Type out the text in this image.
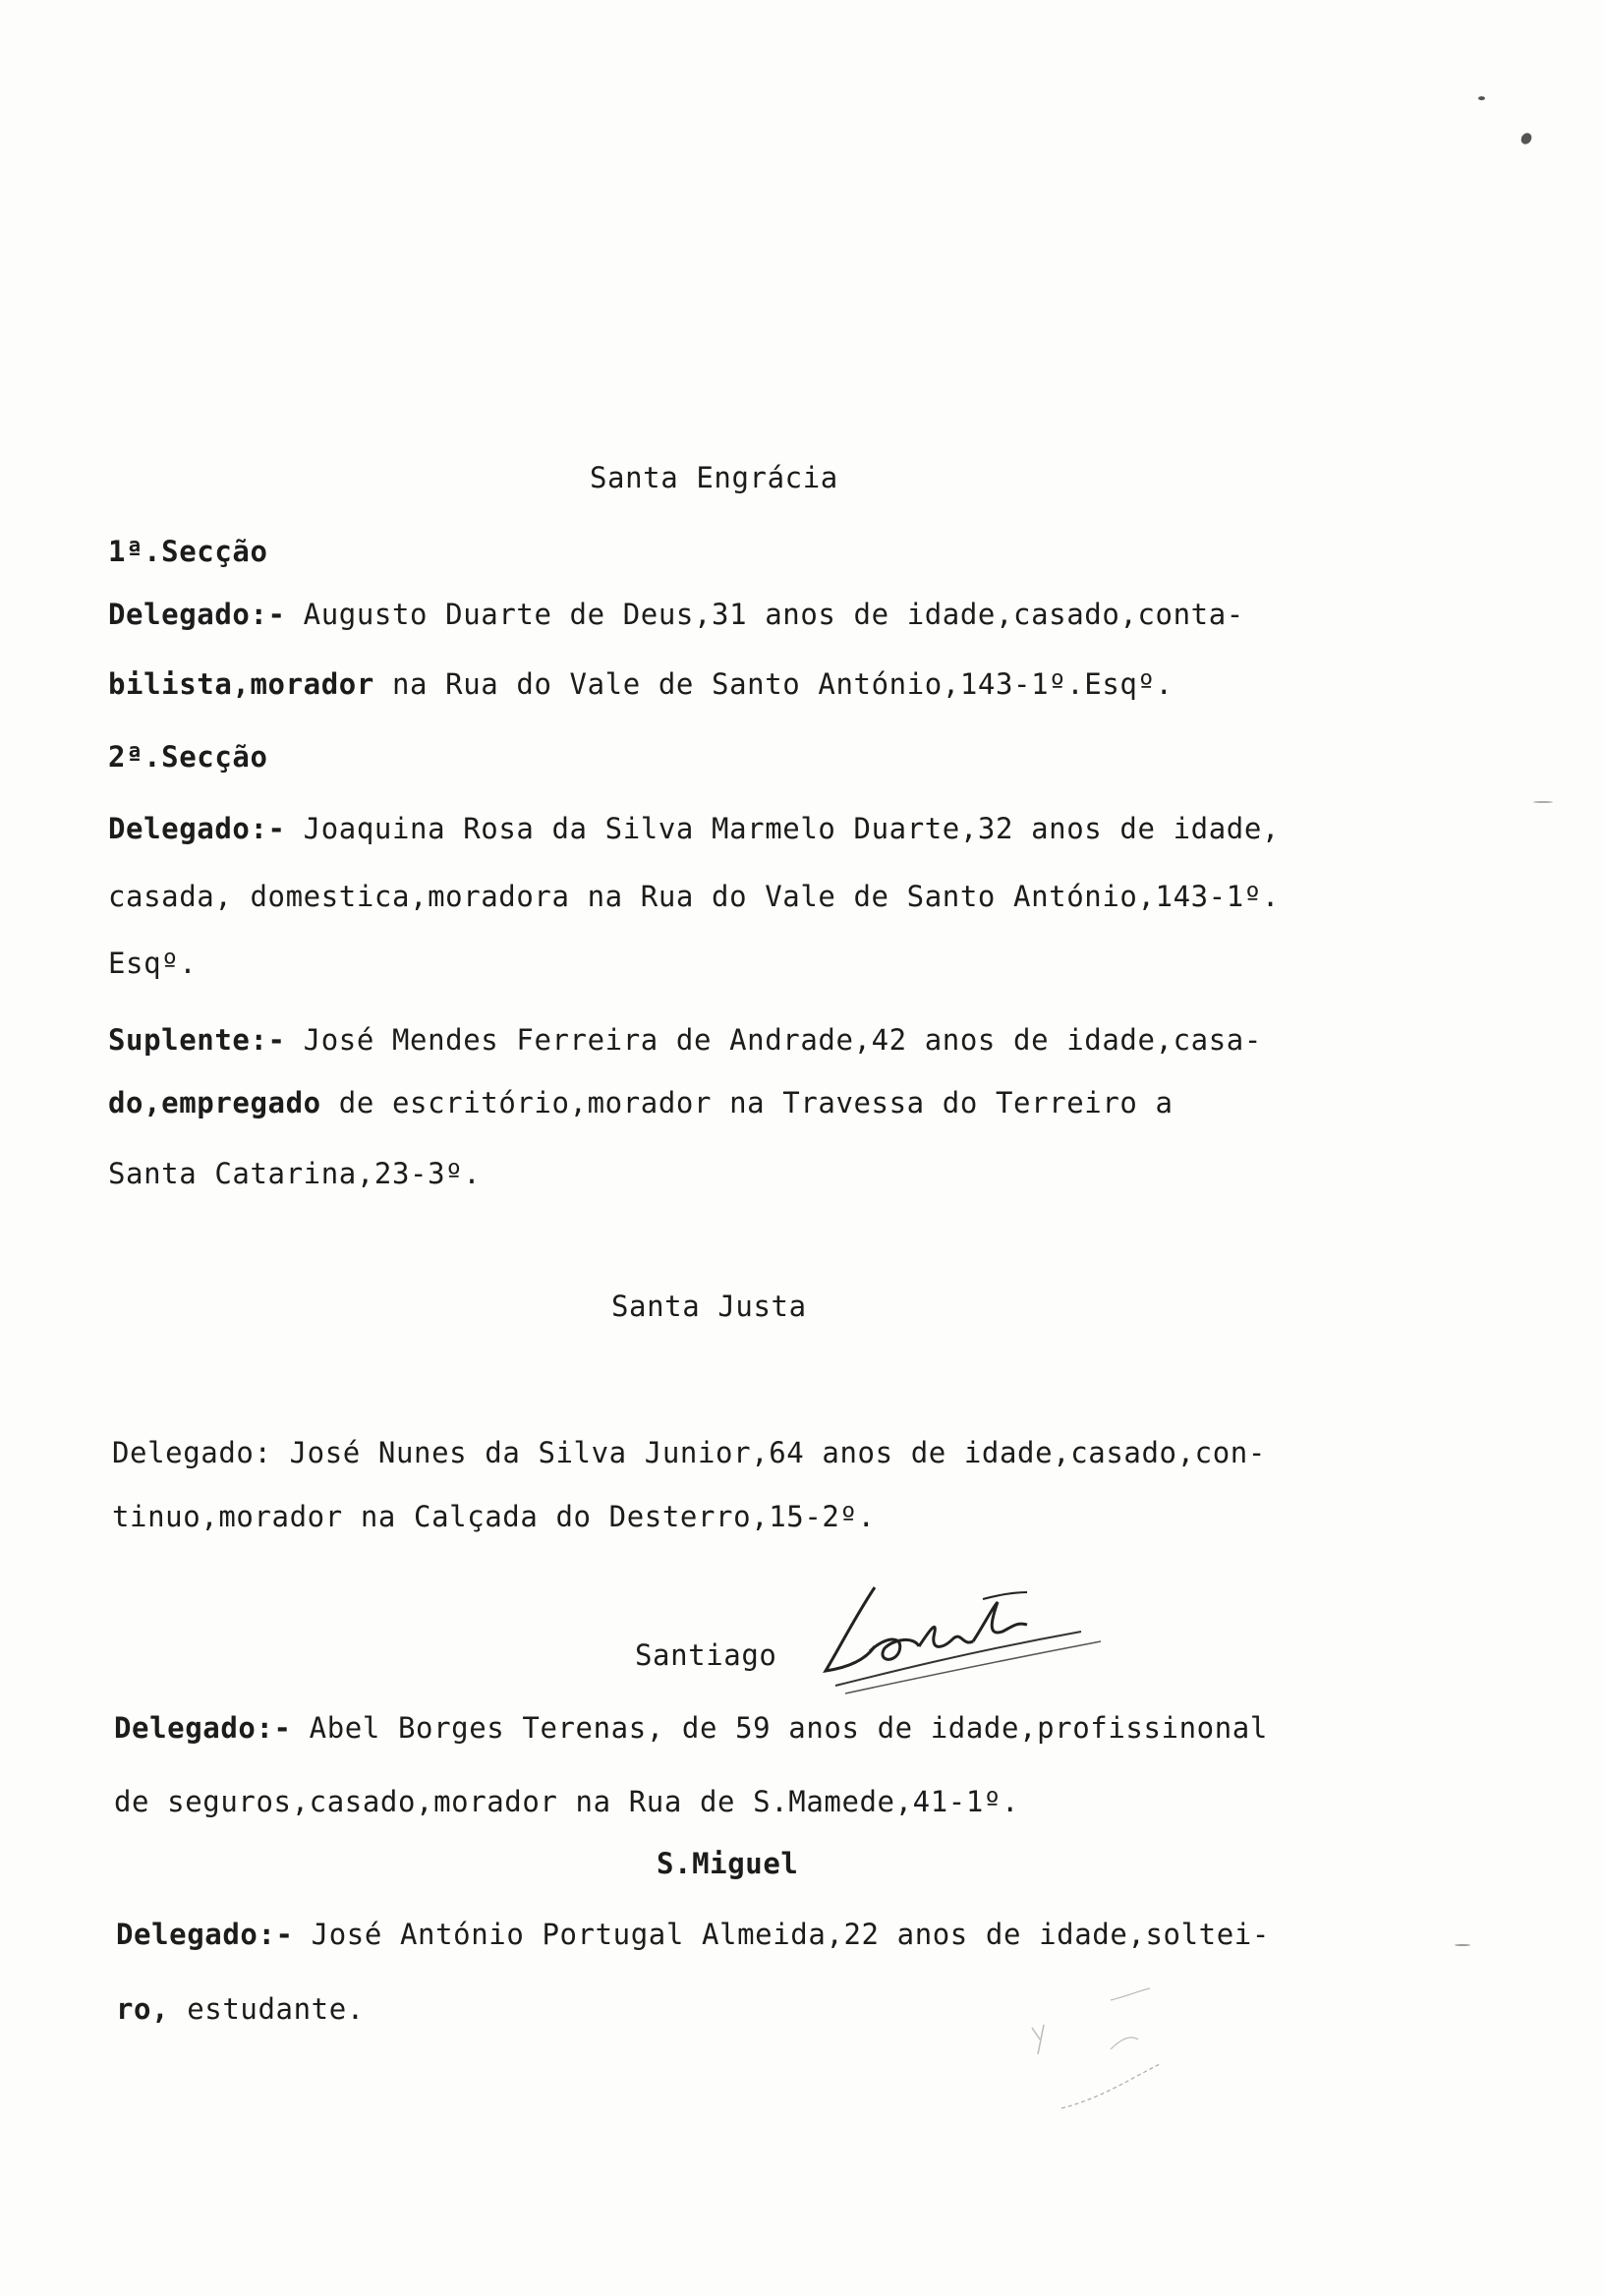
Santa Engrácia
1ª.Secção
Delegado:- Augusto Duarte de Deus,31 anos de idade,casado,conta-
bilista,morador na Rua do Vale de Santo António,143-1º.Esqº.
2ª.Secção
Delegado:- Joaquina Rosa da Silva Marmelo Duarte,32 anos de idade,
casada, domestica,moradora na Rua do Vale de Santo António,143-1º.
Esqº.
Suplente:- José Mendes Ferreira de Andrade,42 anos de idade,casa-
do,empregado de escritório,morador na Travessa do Terreiro a
Santa Catarina,23-3º.
Santa Justa
Delegado: José Nunes da Silva Junior,64 anos de idade,casado,con-
tinuo,morador na Calçada do Desterro,15-2º.
Santiago
Delegado:- Abel Borges Terenas, de 59 anos de idade,profissinonal
de seguros,casado,morador na Rua de S.Mamede,41-1º.
S.Miguel
Delegado:- José António Portugal Almeida,22 anos de idade,soltei-
ro, estudante.
